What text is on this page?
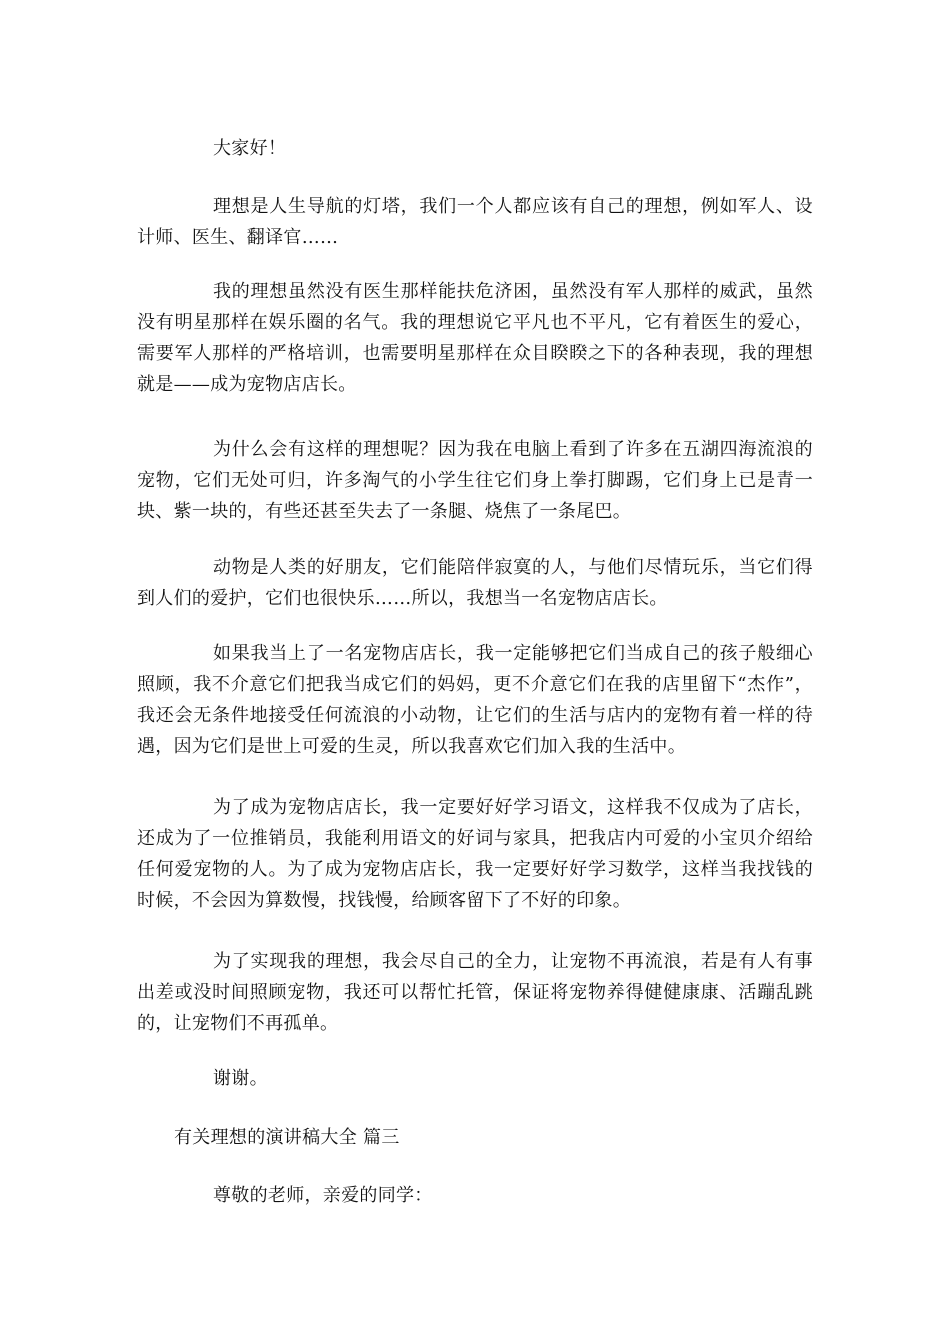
大家好！

理想是人生导航的灯塔，我们一个人都应该有自己的理想，例如军人、设计师、医生、翻译官……

我的理想虽然没有医生那样能扶危济困，虽然没有军人那样的威武，虽然没有明星那样在娱乐圈的名气。我的理想说它平凡也不平凡，它有着医生的爱心，需要军人那样的严格培训，也需要明星那样在众目睽睽之下的各种表现，我的理想就是——成为宠物店店长。

为什么会有这样的理想呢？因为我在电脑上看到了许多在五湖四海流浪的宠物，它们无处可归，许多淘气的小学生往它们身上拳打脚踢，它们身上已是青一块、紫一块的，有些还甚至失去了一条腿、烧焦了一条尾巴。

动物是人类的好朋友，它们能陪伴寂寞的人，与他们尽情玩乐，当它们得到人们的爱护，它们也很快乐……所以，我想当一名宠物店店长。

如果我当上了一名宠物店店长，我一定能够把它们当成自己的孩子般细心照顾，我不介意它们把我当成它们的妈妈，更不介意它们在我的店里留下“杰作”，我还会无条件地接受任何流浪的小动物，让它们的生活与店内的宠物有着一样的待遇，因为它们是世上可爱的生灵，所以我喜欢它们加入我的生活中。

为了成为宠物店店长，我一定要好好学习语文，这样我不仅成为了店长，还成为了一位推销员，我能利用语文的好词与家具，把我店内可爱的小宝贝介绍给任何爱宠物的人。为了成为宠物店店长，我一定要好好学习数学，这样当我找钱的时候，不会因为算数慢，找钱慢，给顾客留下了不好的印象。

为了实现我的理想，我会尽自己的全力，让宠物不再流浪，若是有人有事出差或没时间照顾宠物，我还可以帮忙托管，保证将宠物养得健健康康、活蹦乱跳的，让宠物们不再孤单。

谢谢。

有关理想的演讲稿大全 篇三

尊敬的老师，亲爱的同学：
